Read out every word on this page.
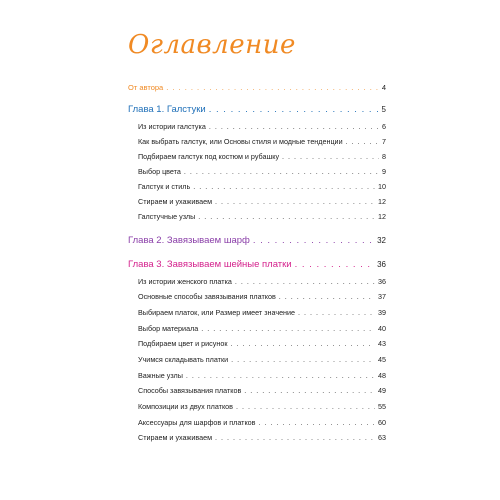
Оглавление
От автора . . .	4
Глава 1. Галстуки . . .	5
Из истории галстука . . .	6
Как выбрать галстук, или Основы стиля и модные тенденции . . .	7
Подбираем галстук под костюм и рубашку . . .	8
Выбор цвета . . .	9
Галстук и стиль . . .	10
Стираем и ухаживаем . . .	12
Галстучные узлы . . .	12
Глава 2. Завязываем шарф . . .	32
Глава 3. Завязываем шейные платки . . .	36
Из истории женского платка . . .	36
Основные способы завязывания платков . . .	37
Выбираем платок, или Размер имеет значение . . .	39
Выбор материала . . .	40
Подбираем цвет и рисунок . . .	43
Учимся складывать платки . . .	45
Важные узлы . . .	48
Способы завязывания платков . . .	49
Композиции из двух платков . . .	55
Аксессуары для шарфов и платков . . .	60
Стираем и ухаживаем . . .	63
